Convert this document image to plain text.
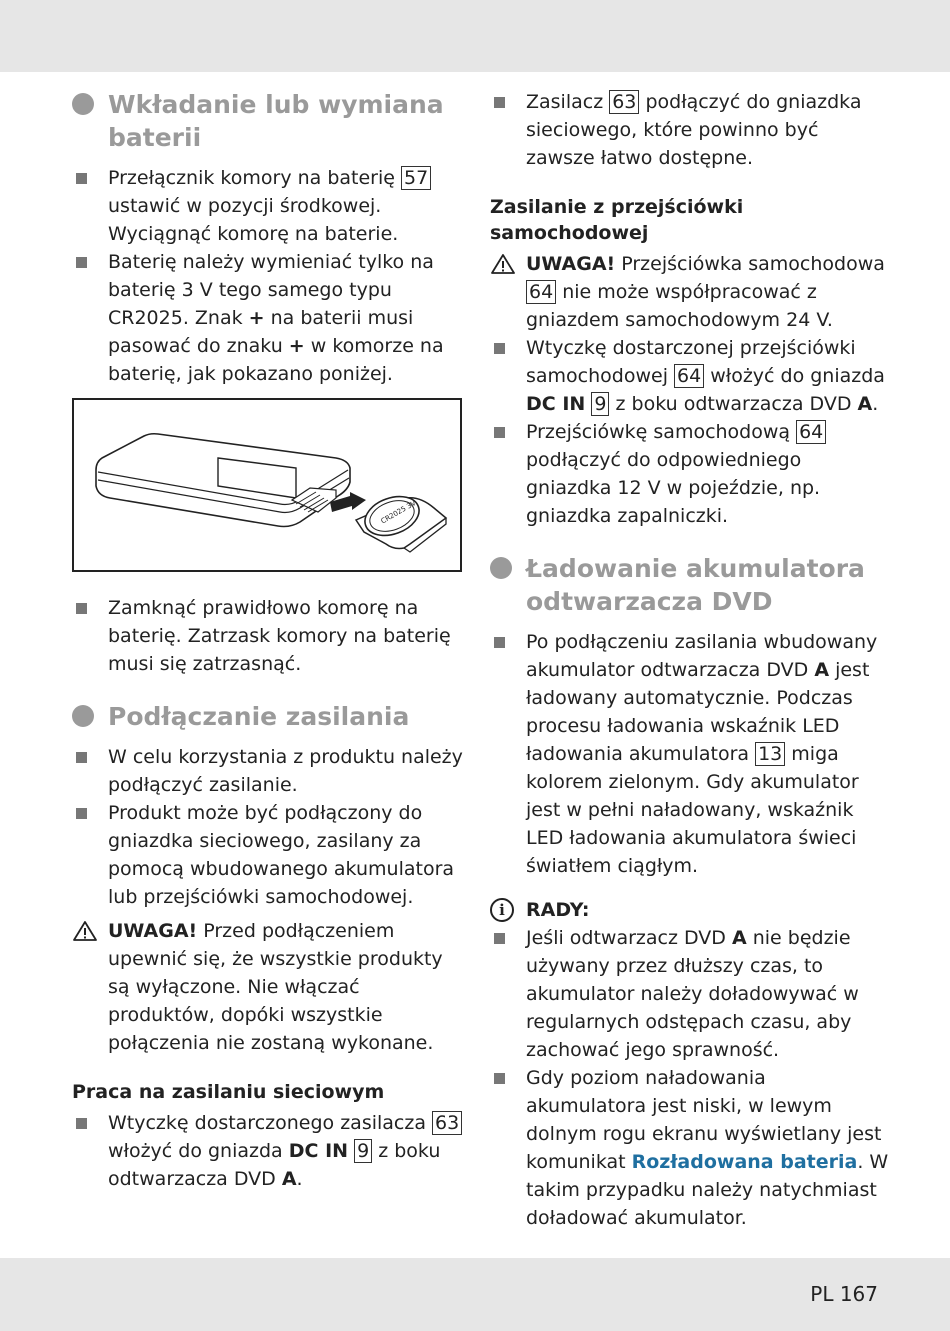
Wkładanie lub wymiana baterii
Przełącznik komory na baterię 57 ustawić w pozycji środkowej. Wyciągnąć komorę na baterie.
Baterię należy wymieniać tylko na baterię 3 V tego samego typu CR2025. Znak + na baterii musi pasować do znaku + w komorze na baterię, jak pokazano poniżej.
CR2025 3V
Zamknąć prawidłowo komorę na baterię. Zatrzask komory na baterię musi się zatrzasnąć.
Podłączanie zasilania
W celu korzystania z produktu należy podłączyć zasilanie.
Produkt może być podłączony do gniazdka sieciowego, zasilany za pomocą wbudowanego akumulatora lub przejściówki samochodowej.
UWAGA! Przed podłączeniem upewnić się, że wszystkie produkty są wyłączone. Nie włączać produktów, dopóki wszystkie połączenia nie zostaną wykonane.
Praca na zasilaniu sieciowym
Wtyczkę dostarczonego zasilacza 63 włożyć do gniazda DC IN 9 z boku odtwarzacza DVD A.
Zasilacz 63 podłączyć do gniazdka sieciowego, które powinno być zawsze łatwo dostępne.
Zasilanie z przejściówki samochodowej
UWAGA! Przejściówka samochodowa 64 nie może współpracować z gniazdem samochodowym 24 V.
Wtyczkę dostarczonej przejściówki samochodowej 64 włożyć do gniazda DC IN 9 z boku odtwarzacza DVD A.
Przejściówkę samochodową 64 podłączyć do odpowiedniego gniazdka 12 V w pojeździe, np. gniazdka zapalniczki.
Ładowanie akumulatora odtwarzacza DVD
Po podłączeniu zasilania wbudowany akumulator odtwarzacza DVD A jest ładowany automatycznie. Podczas procesu ładowania wskaźnik LED ładowania akumulatora 13 miga kolorem zielonym. Gdy akumulator jest w pełni naładowany, wskaźnik LED ładowania akumulatora świeci światłem ciągłym.
i	RADY:
Jeśli odtwarzacz DVD A nie będzie używany przez dłuższy czas, to akumulator należy doładowywać w regularnych odstępach czasu, aby zachować jego sprawność.
Gdy poziom naładowania akumulatora jest niski, w lewym dolnym rogu ekranu wyświetlany jest komunikat Rozładowana bateria. W takim przypadku należy natychmiast doładować akumulator.
PL 167
